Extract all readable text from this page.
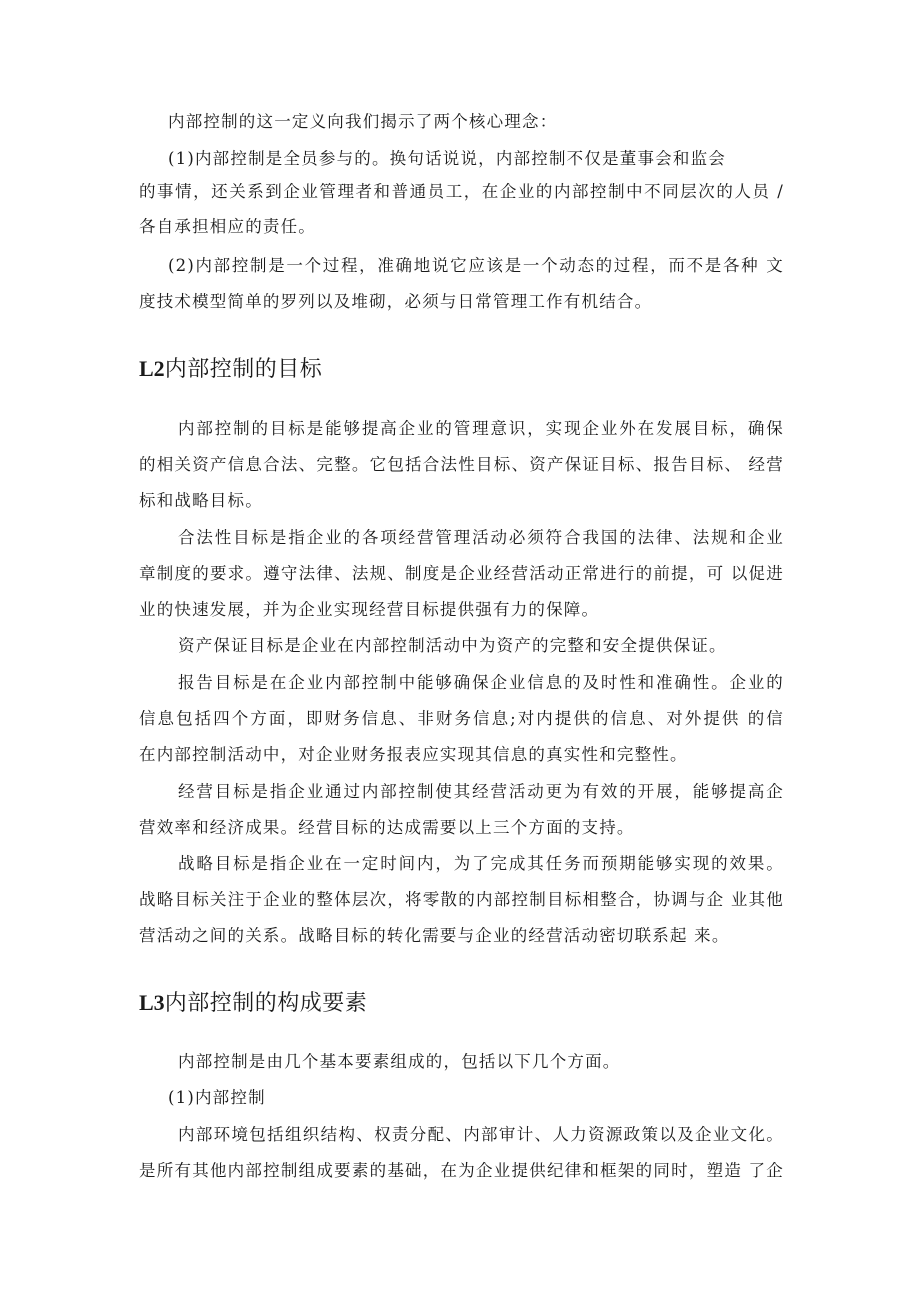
内部控制的这一定义向我们揭示了两个核心理念：
(1)内部控制是全员参与的。换句话说说，内部控制不仅是董事会和监会
的事情，还关系到企业管理者和普通员工，在企业的内部控制中不同层次的人员 /
各自承担相应的责任。
(2)内部控制是一个过程，准确地说它应该是一个动态的过程，而不是各种 文
度技术模型简单的罗列以及堆砌，必须与日常管理工作有机结合。
L2内部控制的目标
内部控制的目标是能够提高企业的管理意识，实现企业外在发展目标，确保
的相关资产信息合法、完整。它包括合法性目标、资产保证目标、报告目标、 经营
标和战略目标。
合法性目标是指企业的各项经营管理活动必须符合我国的法律、法规和企业
章制度的要求。遵守法律、法规、制度是企业经营活动正常进行的前提，可 以促进
业的快速发展，并为企业实现经营目标提供强有力的保障。
资产保证目标是企业在内部控制活动中为资产的完整和安全提供保证。
报告目标是在企业内部控制中能够确保企业信息的及时性和准确性。企业的
信息包括四个方面，即财务信息、非财务信息;对内提供的信息、对外提供 的信
在内部控制活动中，对企业财务报表应实现其信息的真实性和完整性。
经营目标是指企业通过内部控制使其经营活动更为有效的开展，能够提高企
营效率和经济成果。经营目标的达成需要以上三个方面的支持。
战略目标是指企业在一定时间内，为了完成其任务而预期能够实现的效果。
战略目标关注于企业的整体层次，将零散的内部控制目标相整合，协调与企 业其他
营活动之间的关系。战略目标的转化需要与企业的经营活动密切联系起 来。
L3内部控制的构成要素
内部控制是由几个基本要素组成的，包括以下几个方面。
(1)内部控制
内部环境包括组织结构、权责分配、内部审计、人力资源政策以及企业文化。
是所有其他内部控制组成要素的基础，在为企业提供纪律和框架的同时，塑造 了企
